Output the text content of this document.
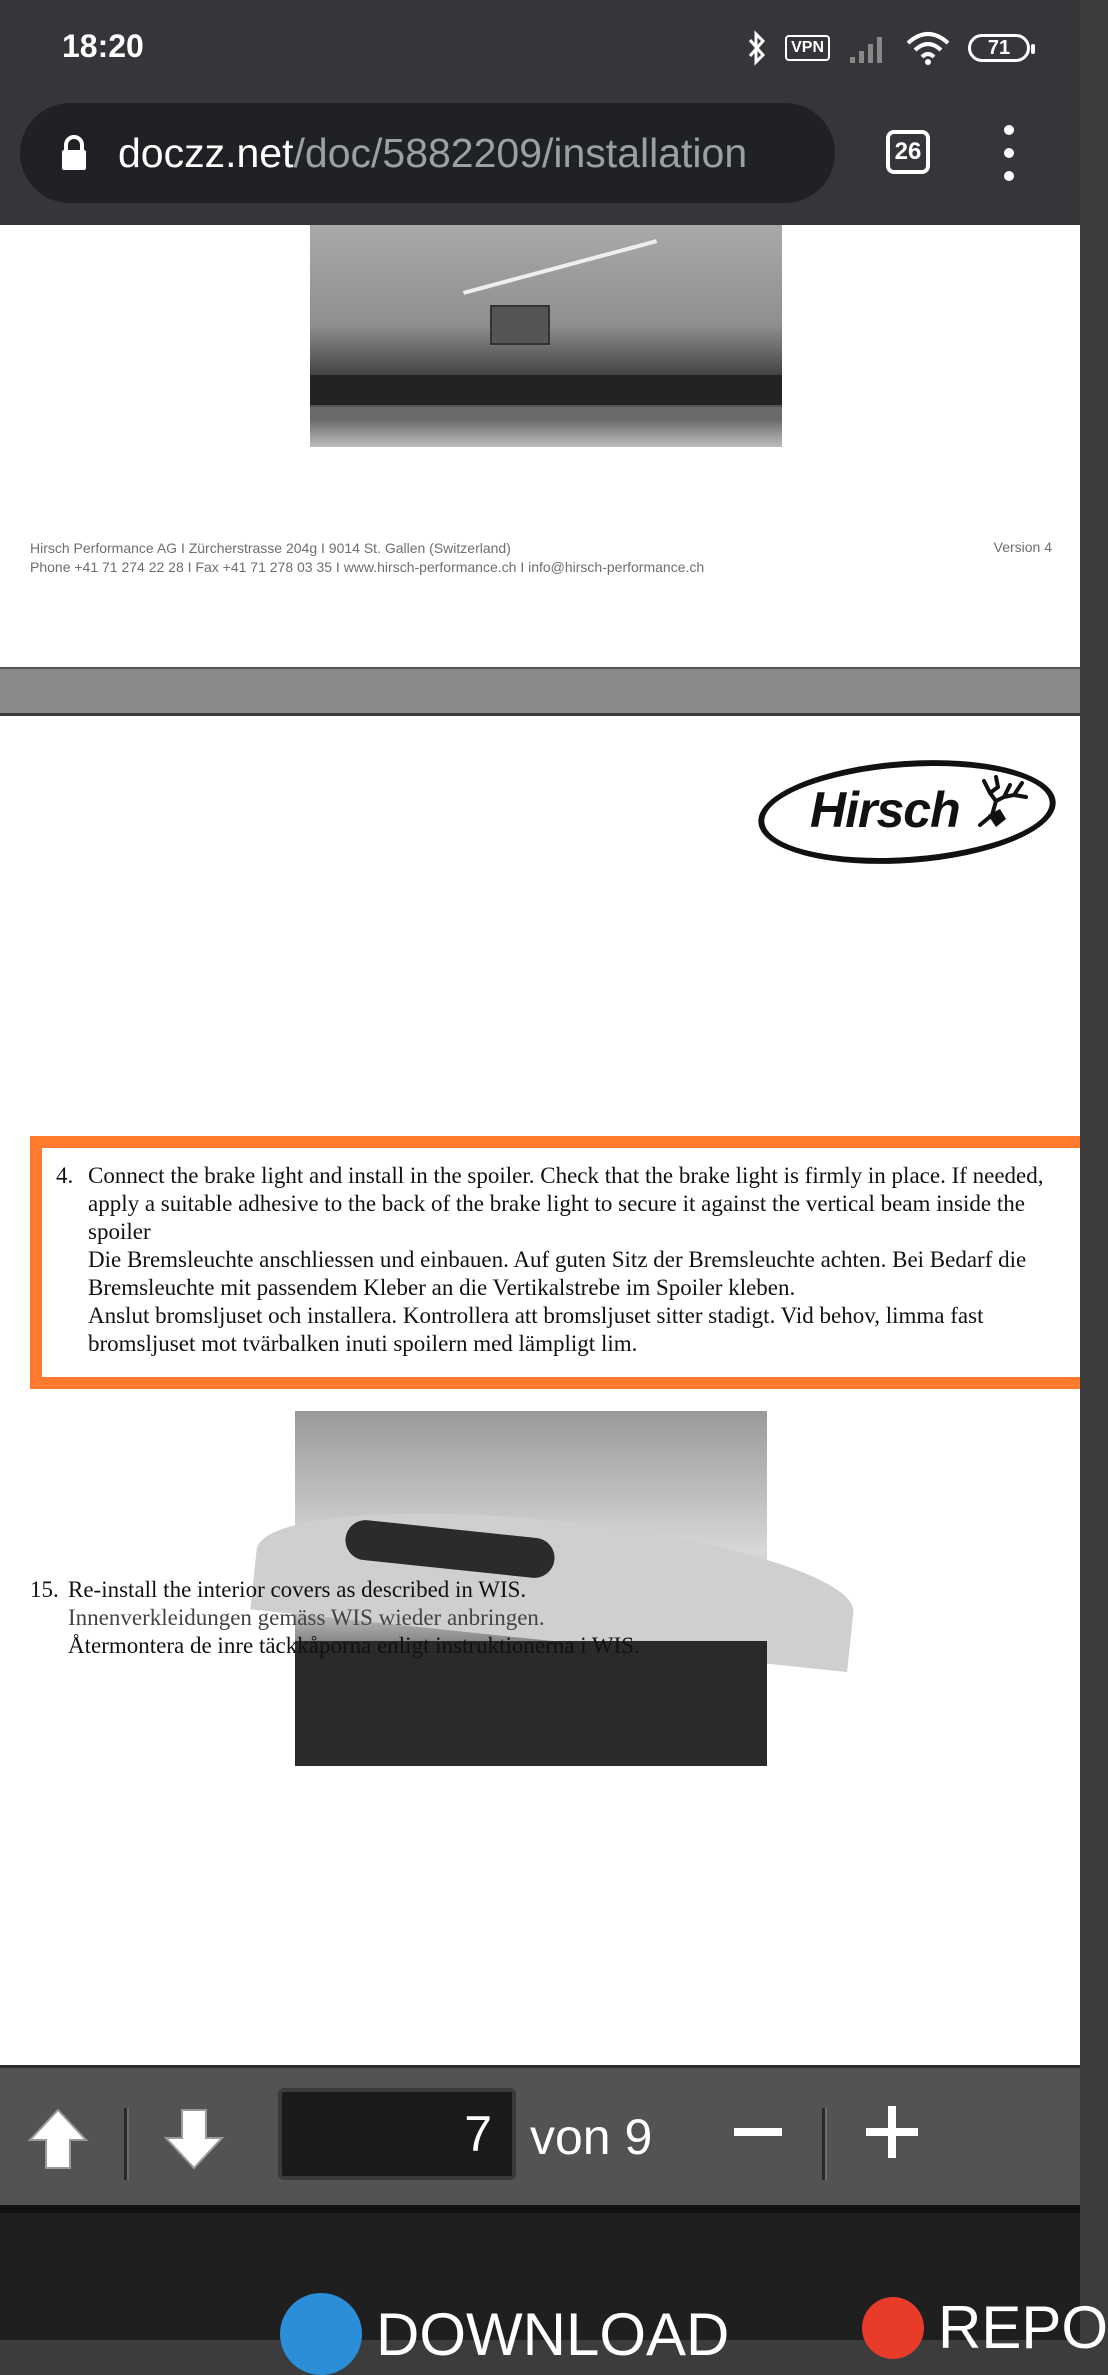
18:20	VPN	71
doczz.net/doc/5882209/installation	26
Hirsch Performance AG I Zürcherstrasse 204g I 9014 St. Gallen (Switzerland)
Phone +41 71 274 22 28 I Fax +41 71 278 03 35 I www.hirsch-performance.ch I info@hirsch-performance.ch
Version 4
Hirsch
4. Connect the brake light and install in the spoiler. Check that the brake light is firmly in place. If needed, apply a suitable adhesive to the back of the brake light to secure it against the vertical beam inside the spoiler

Die Bremsleuchte anschliessen und einbauen. Auf guten Sitz der Bremsleuchte achten. Bei Bedarf die Bremsleuchte mit passendem Kleber an die Vertikalstrebe im Spoiler kleben.

Anslut bromsljuset och installera. Kontrollera att bromsljuset sitter stadigt. Vid behov, limma fast bromsljuset mot tvärbalken inuti spoilern med lämpligt lim.

15. Re-install the interior covers as described in WIS.

Innenverkleidungen gemäss WIS wieder anbringen.

Återmontera de inre täckkåporna enligt instruktionerna i WIS.

7 von 9
DOWNLOAD	REPO
